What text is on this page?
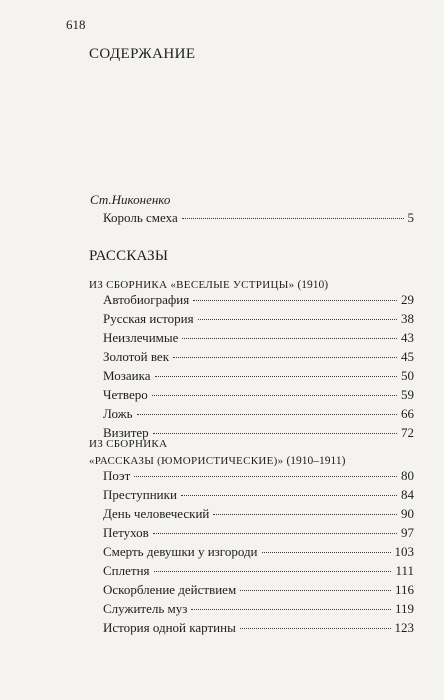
618
СОДЕРЖАНИЕ
Ст.Никоненко
Король смеха	5
РАССКАЗЫ
ИЗ СБОРНИКА «ВЕСЕЛЫЕ УСТРИЦЫ» (1910)
Автобиография	29
Русская история	38
Неизлечимые	43
Золотой век	45
Мозаика	50
Четверо	59
Ложь	66
Визитер	72
ИЗ СБОРНИКА
«РАССКАЗЫ (ЮМОРИСТИЧЕСКИЕ)» (1910–1911)
Поэт	80
Преступники	84
День человеческий	90
Петухов	97
Смерть девушки у изгороди	103
Сплетня	111
Оскорбление действием	116
Служитель муз	119
История одной картины	123
